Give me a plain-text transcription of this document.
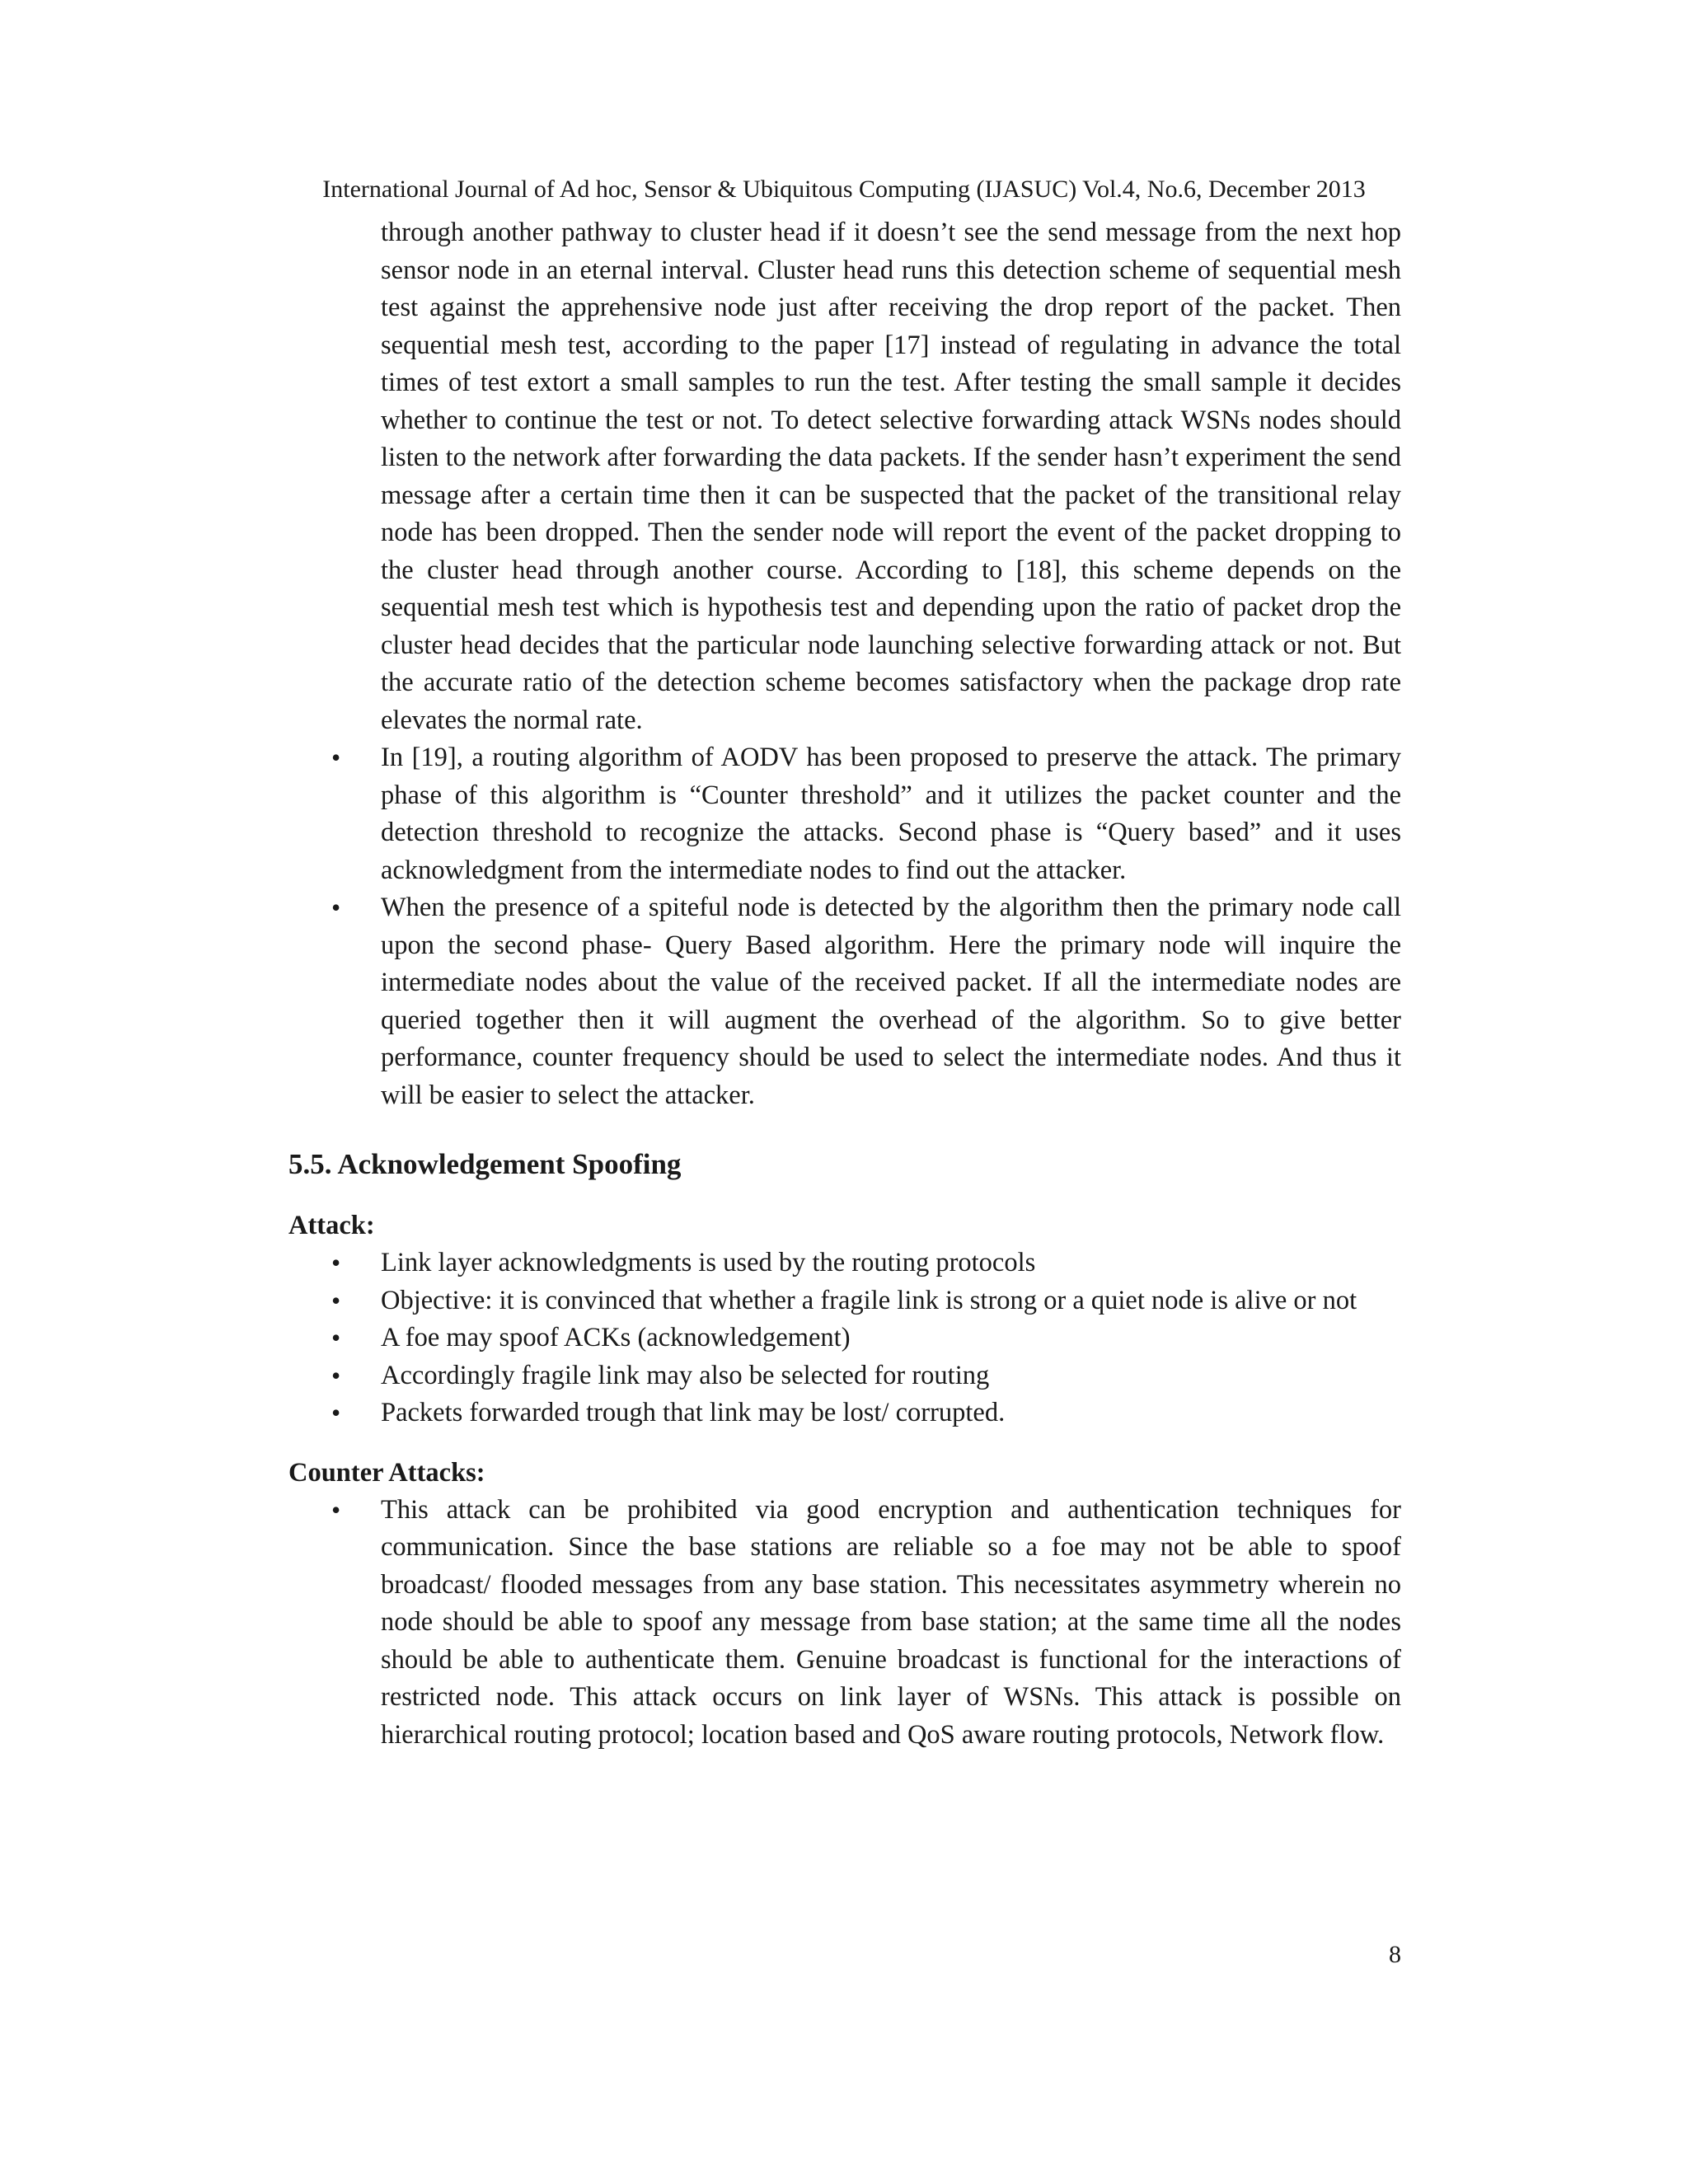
International Journal of Ad hoc, Sensor & Ubiquitous Computing (IJASUC) Vol.4, No.6, December 2013

through another pathway to cluster head if it doesn’t see the send message from the next hop sensor node in an eternal interval. Cluster head runs this detection scheme of sequential mesh test against the apprehensive node just after receiving the drop report of the packet. Then sequential mesh test, according to the paper [17] instead of regulating in advance the total times of test extort a small samples to run the test. After testing the small sample it decides whether to continue the test or not. To detect selective forwarding attack WSNs nodes should listen to the network after forwarding the data packets. If the sender hasn’t experiment the send message after a certain time then it can be suspected that the packet of the transitional relay node has been dropped. Then the sender node will report the event of the packet dropping to the cluster head through another course. According to [18], this scheme depends on the sequential mesh test which is hypothesis test and depending upon the ratio of packet drop the cluster head decides that the particular node launching selective forwarding attack or not. But the accurate ratio of the detection scheme becomes satisfactory when the package drop rate elevates the normal rate.

• In [19], a routing algorithm of AODV has been proposed to preserve the attack. The primary phase of this algorithm is “Counter threshold” and it utilizes the packet counter and the detection threshold to recognize the attacks. Second phase is “Query based” and it uses acknowledgment from the intermediate nodes to find out the attacker.
• When the presence of a spiteful node is detected by the algorithm then the primary node call upon the second phase- Query Based algorithm. Here the primary node will inquire the intermediate nodes about the value of the received packet. If all the intermediate nodes are queried together then it will augment the overhead of the algorithm. So to give better performance, counter frequency should be used to select the intermediate nodes. And thus it will be easier to select the attacker.
5.5. Acknowledgement Spoofing
Attack:
• Link layer acknowledgments is used by the routing protocols
• Objective: it is convinced that whether a fragile link is strong or a quiet node is alive or not
• A foe may spoof ACKs (acknowledgement)
• Accordingly fragile link may also be selected for routing
• Packets forwarded trough that link may be lost/ corrupted.
Counter Attacks:
• This attack can be prohibited via good encryption and authentication techniques for communication. Since the base stations are reliable so a foe may not be able to spoof broadcast/ flooded messages from any base station. This necessitates asymmetry wherein no node should be able to spoof any message from base station; at the same time all the nodes should be able to authenticate them. Genuine broadcast is functional for the interactions of restricted node. This attack occurs on link layer of WSNs. This attack is possible on hierarchical routing protocol; location based and QoS aware routing protocols, Network flow.
8
